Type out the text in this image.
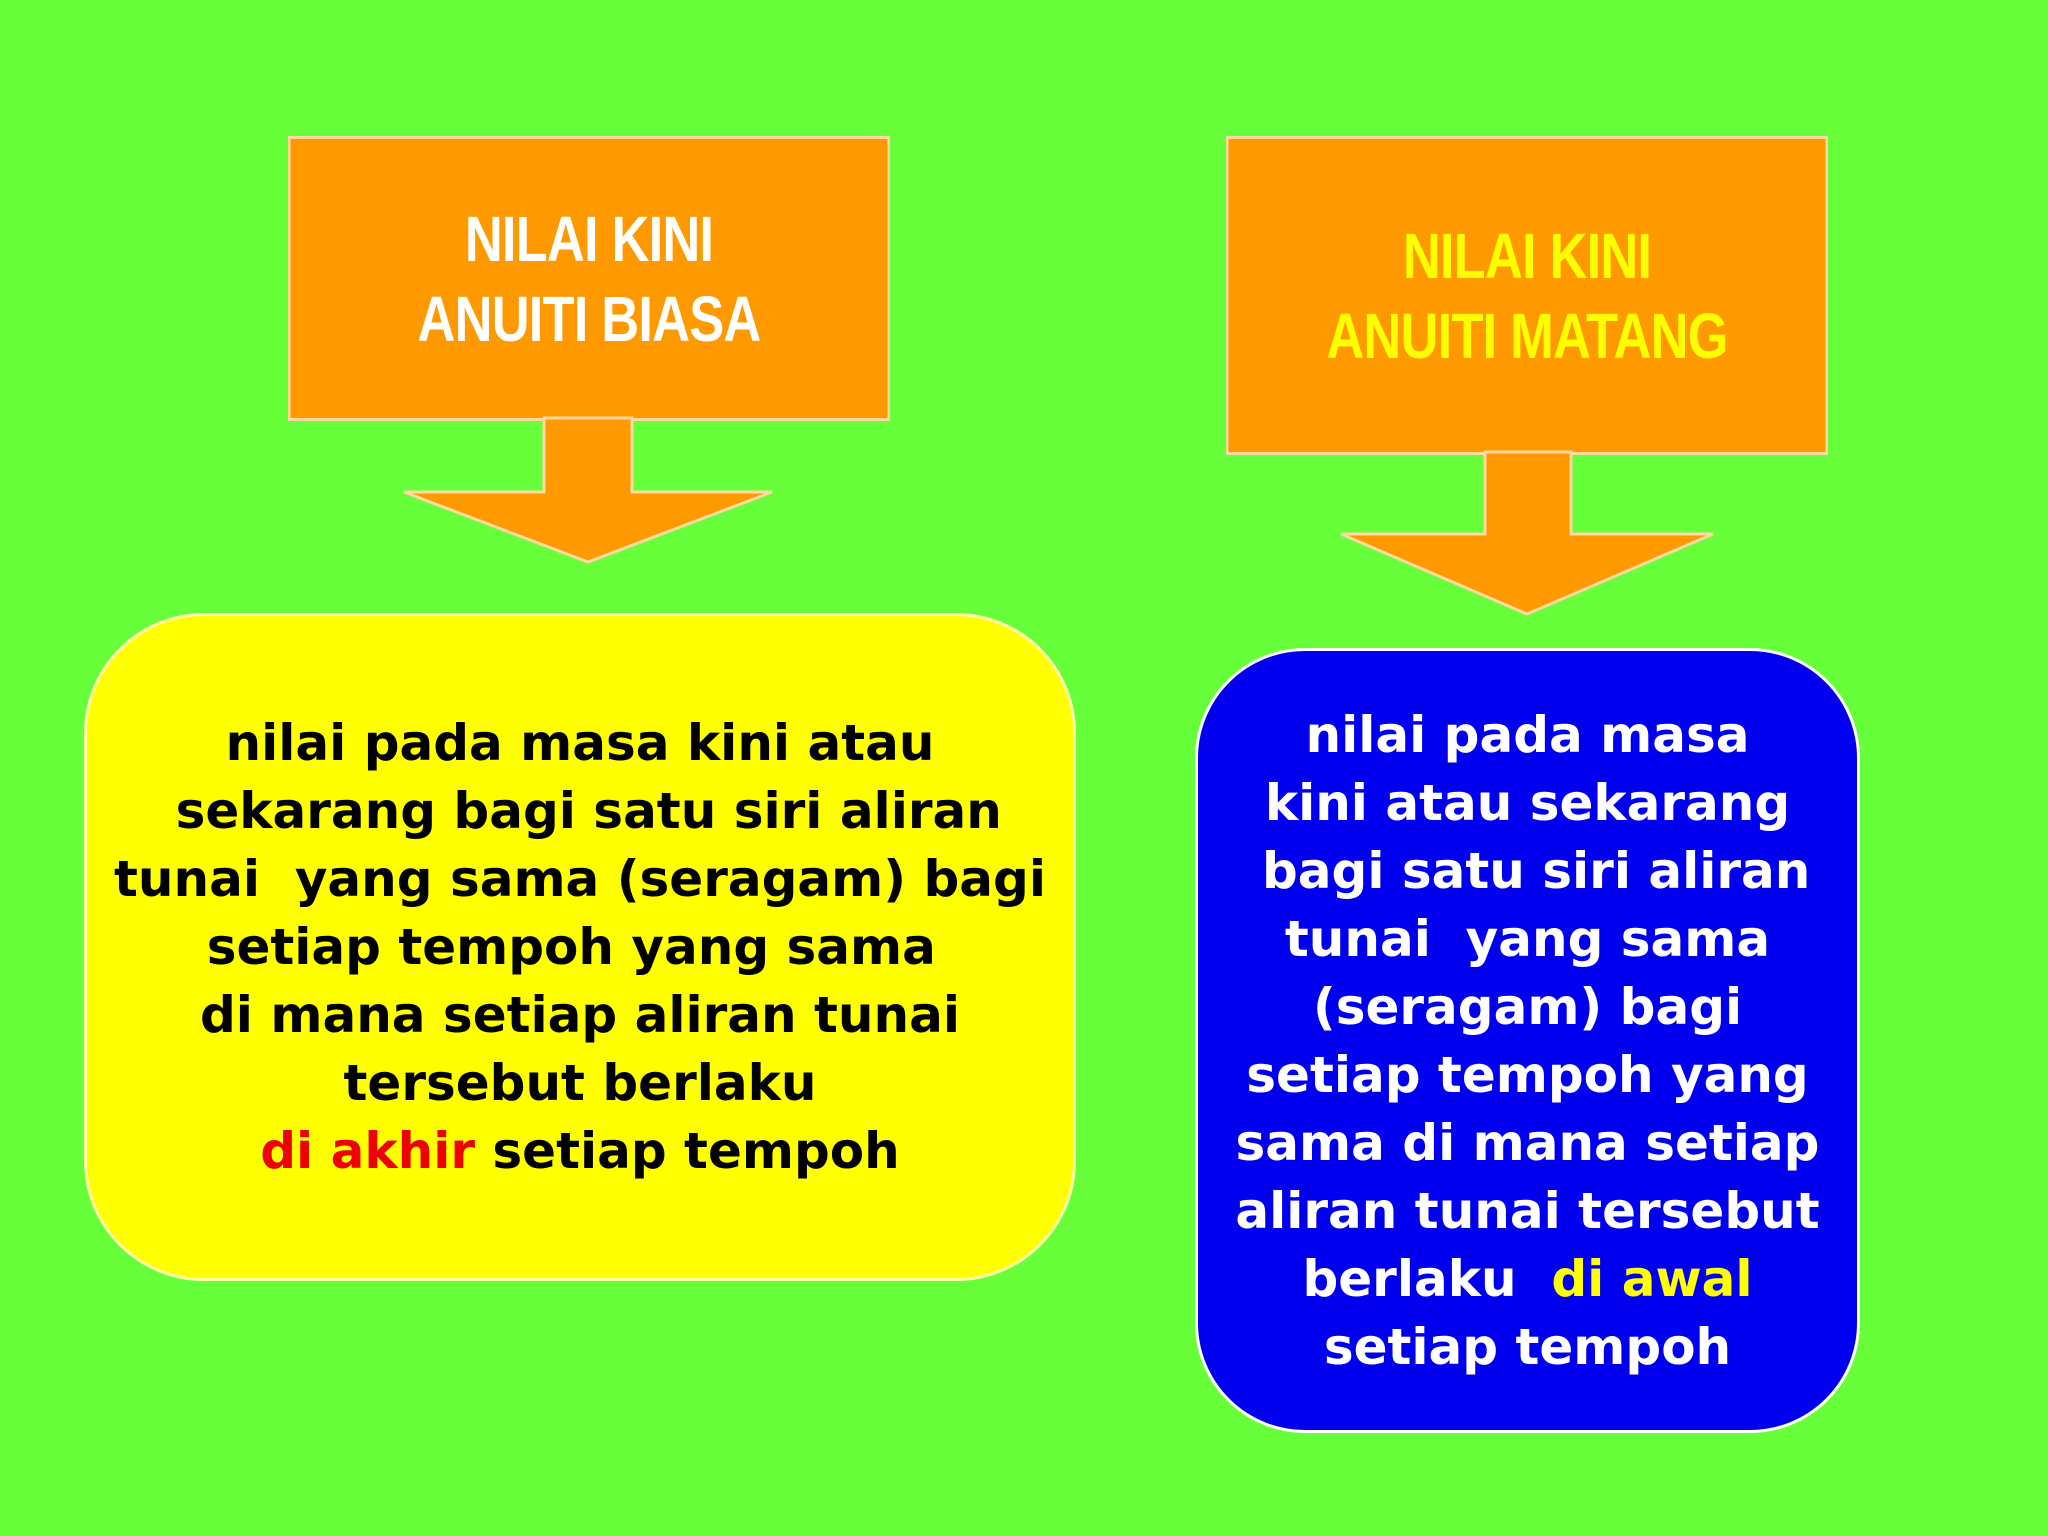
NILAI KINI
ANUITI BIASA
NILAI KINI
ANUITI MATANG
nilai pada masa kini atau
sekarang bagi satu siri aliran
tunai  yang sama (seragam) bagi
setiap tempoh yang sama
di mana setiap aliran tunai
tersebut berlaku
di akhir setiap tempoh
nilai pada masa
kini atau sekarang
bagi satu siri aliran
tunai  yang sama
(seragam) bagi
setiap tempoh yang
sama di mana setiap
aliran tunai tersebut
berlaku  di awal
setiap tempoh
